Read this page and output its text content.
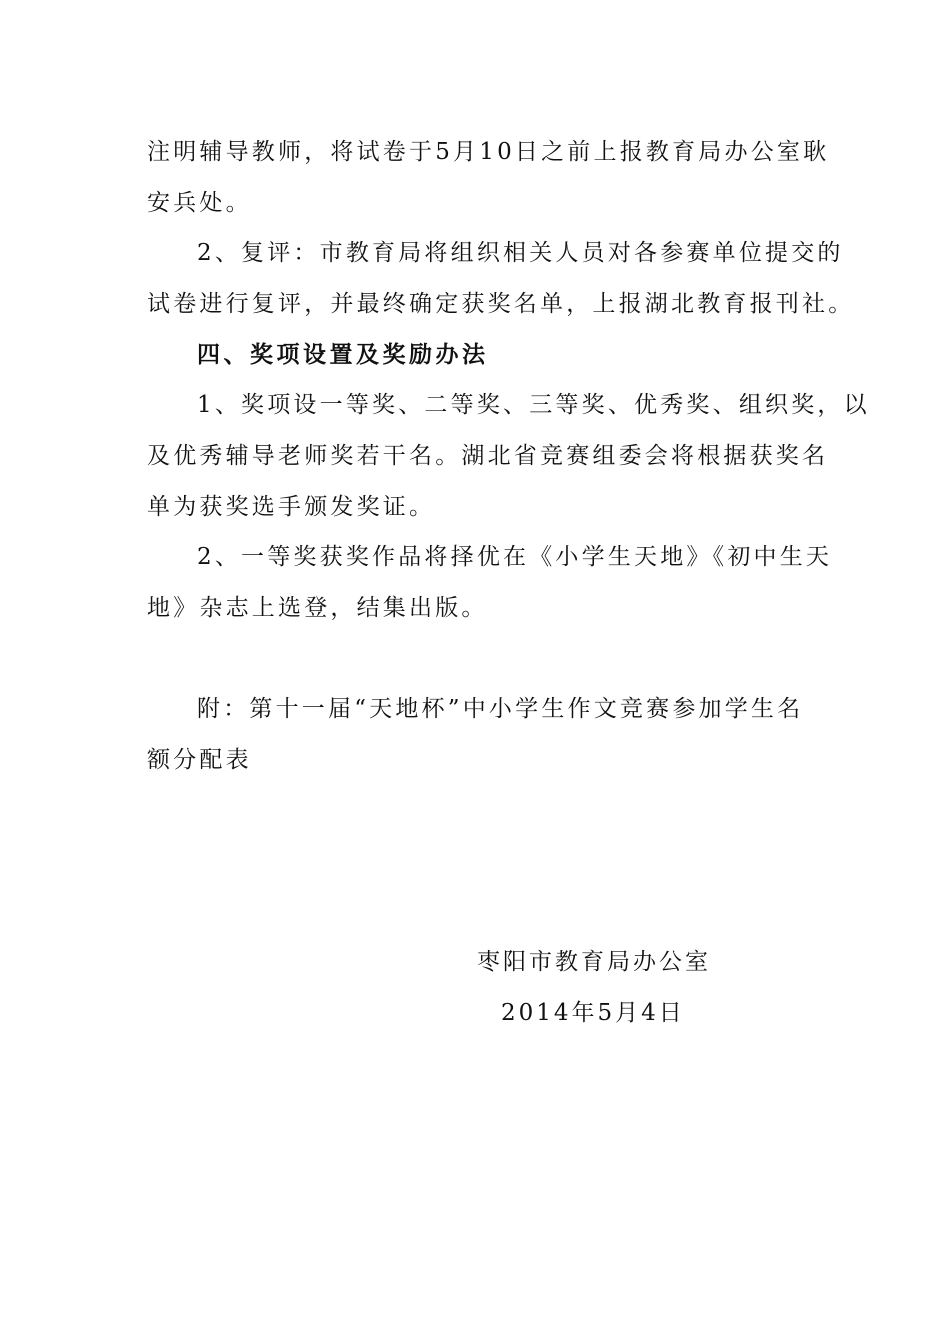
注明辅导教师，将试卷于5月10日之前上报教育局办公室耿
安兵处。
2、复评：市教育局将组织相关人员对各参赛单位提交的
试卷进行复评，并最终确定获奖名单，上报湖北教育报刊社。
四、奖项设置及奖励办法
1、奖项设一等奖、二等奖、三等奖、优秀奖、组织奖，以
及优秀辅导老师奖若干名。湖北省竞赛组委会将根据获奖名
单为获奖选手颁发奖证。
2、一等奖获奖作品将择优在《小学生天地》《初中生天
地》杂志上选登，结集出版。
附：第十一届“天地杯”中小学生作文竞赛参加学生名
额分配表
枣阳市教育局办公室
2014年5月4日
